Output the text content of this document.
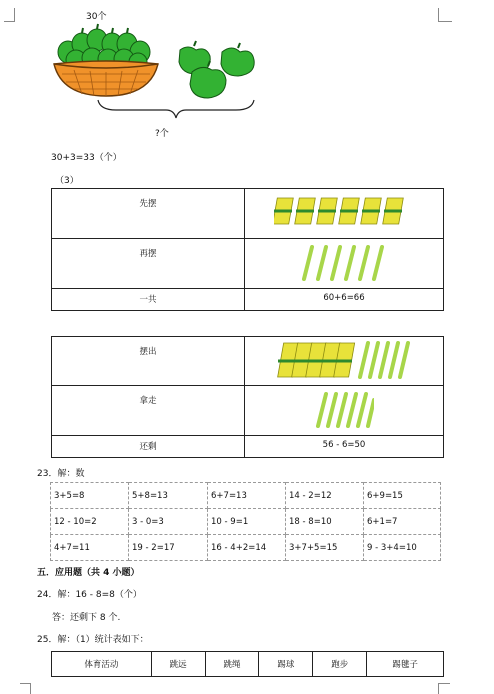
30个
?个
30+3=33（个）
（3）
先摆	

再摆	

一共	60+6=66
摆出	

拿走	

还剩	56 - 6=50
23．解：数
3+5=8	5+8=13	6+7=13	14 - 2=12	6+9=15
12 - 10=2	3 - 0=3	10 - 9=1	18 - 8=10	6+1=7
4+7=11	19 - 2=17	16 - 4+2=14	3+7+5=15	9 - 3+4=10
五．应用题（共 4 小题）
24．解：16 - 8=8（个）
答：还剩下 8 个.
25．解：（1）统计表如下：
体育活动	跳远	跳绳	踢球	跑步	踢毽子
